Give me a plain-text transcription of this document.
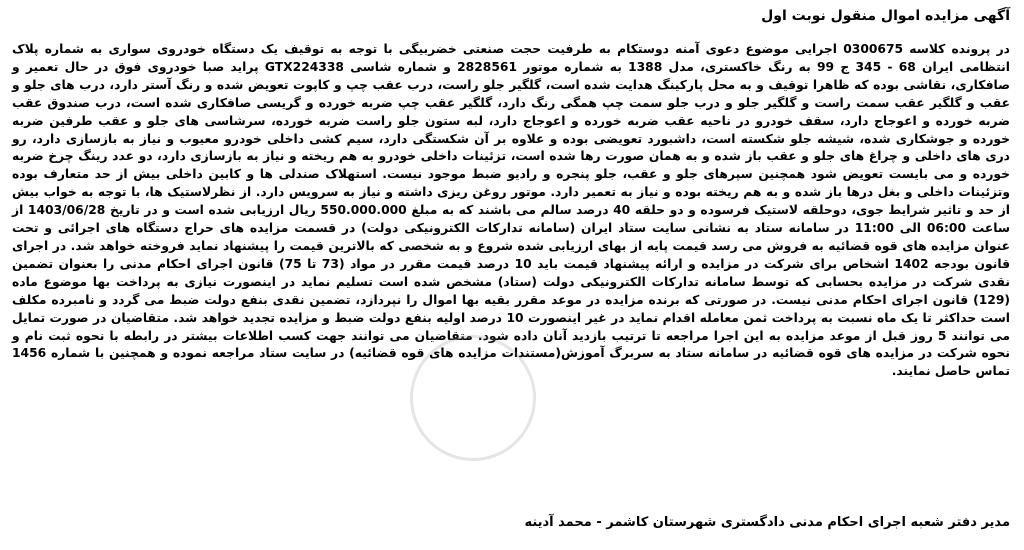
آگهی مزایده اموال منقول نوبت اول
در پرونده کلاسه 0300675 اجرایی موضوع دعوی آمنه دوستکام به طرفیت حجت صنعتی خضربیگی با توجه به توقیف یک دستگاه خودروی سواری به شماره پلاک انتظامی ایران 68 - 345 ج 99 به رنگ خاکستری، مدل 1388 به شماره موتور 2828561 و شماره شاسی GTX224338 پراید صبا خودروی فوق در حال تعمیر و صافکاری، نقاشی بوده که ظاهرا توقیف و به محل پارکینگ هدایت شده است، گلگیر جلو راست، درب عقب چپ و کاپوت تعویض شده و رنگ آستر دارد، درب های جلو و عقب و گلگیر عقب سمت راست و گلگیر جلو و درب جلو سمت چپ همگی رنگ دارد، گلگیر عقب چپ ضربه خورده و گریسی صافکاری شده است، درب صندوق عقب ضربه خورده و اعوجاج دارد، سقف خودرو در ناحیه عقب ضربه خورده و اعوجاج دارد، لبه ستون جلو راست ضربه خورده، سرشاسی های جلو و عقب طرفین ضربه خورده و جوشکاری شده، شیشه جلو شکسته است، داشبورد تعویضی بوده و علاوه بر آن شکستگی دارد، سیم کشی داخلی خودرو معیوب و نیاز به بازسازی دارد، رو دری های داخلی و چراغ های جلو و عقب باز شده و به همان صورت رها شده است، تزئینات داخلی خودرو به هم ریخته و نیاز به بازسازی دارد، دو عدد رینگ چرخ ضربه خورده و می بایست تعویض شود همچنین سپرهای جلو و عقب، جلو پنجره و رادیو ضبط موجود نیست. استهلاک صندلی ها و کابین داخلی بیش از حد متعارف بوده وتزئینات داخلی و بغل درها باز شده و به هم ریخته بوده و نیاز به تعمیر دارد. موتور روغن ریزی داشته و نیاز به سرویس دارد. از نظرلاستیک ها، با توجه به خواب بیش از حد و تاثیر شرایط جوی، دوحلقه لاستیک فرسوده و دو حلقه 40 درصد سالم می باشند که به مبلغ 550.000.000 ریال ارزیابی شده است و در تاریخ 1403/06/28 از ساعت 06:00 الی 11:00 در سامانه ستاد به نشانی سایت ستاد ایران (سامانه تدارکات الکترونیکی دولت) در قسمت مزایده های حراج دستگاه های اجرائی و تحت عنوان مزایده های قوه قضائیه به فروش می رسد قیمت پایه از بهای ارزیابی شده شروع و به شخصی که بالاترین قیمت را پیشنهاد نماید فروخته خواهد شد. در اجرای قانون بودجه 1402 اشخاص برای شرکت در مزایده و ارائه پیشنهاد قیمت باید 10 درصد قیمت مقرر در مواد (73 تا 75) قانون اجرای احکام مدنی را بعنوان تضمین نقدی شرکت در مزایده بحسابی که توسط سامانه تدارکات الکترونیکی دولت (ستاد) مشخص شده است تسلیم نماید در اینصورت نیازی به پرداخت بها موضوع ماده (129) قانون اجرای احکام مدنی نیست. در صورتی که برنده مزایده در موعد مقرر بقیه بها اموال را نپردازد، تضمین نقدی بنفع دولت ضبط می گردد و نامبرده مکلف است حداکثر تا یک ماه نسبت به پرداخت ثمن معامله اقدام نماید در غیر اینصورت 10 درصد اولیه بنفع دولت ضبط و مزایده تجدید خواهد شد. متقاضیان در صورت تمایل می توانند 5 روز قبل از موعد مزایده به این اجرا مراجعه تا ترتیب بازدید آنان داده شود. متقاضیان می توانند جهت کسب اطلاعات بیشتر در رابطه با نحوه ثبت نام و نحوه شرکت در مزایده های قوه قضائیه در سامانه ستاد به سربرگ آموزش(مستندات مزایده های قوه قضائیه) در سایت ستاد مراجعه نموده و همچنین با شماره 1456 تماس حاصل نمایند.
مدیر دفتر شعبه اجرای احکام مدنی دادگستری شهرستان کاشمر - محمد آدینه
